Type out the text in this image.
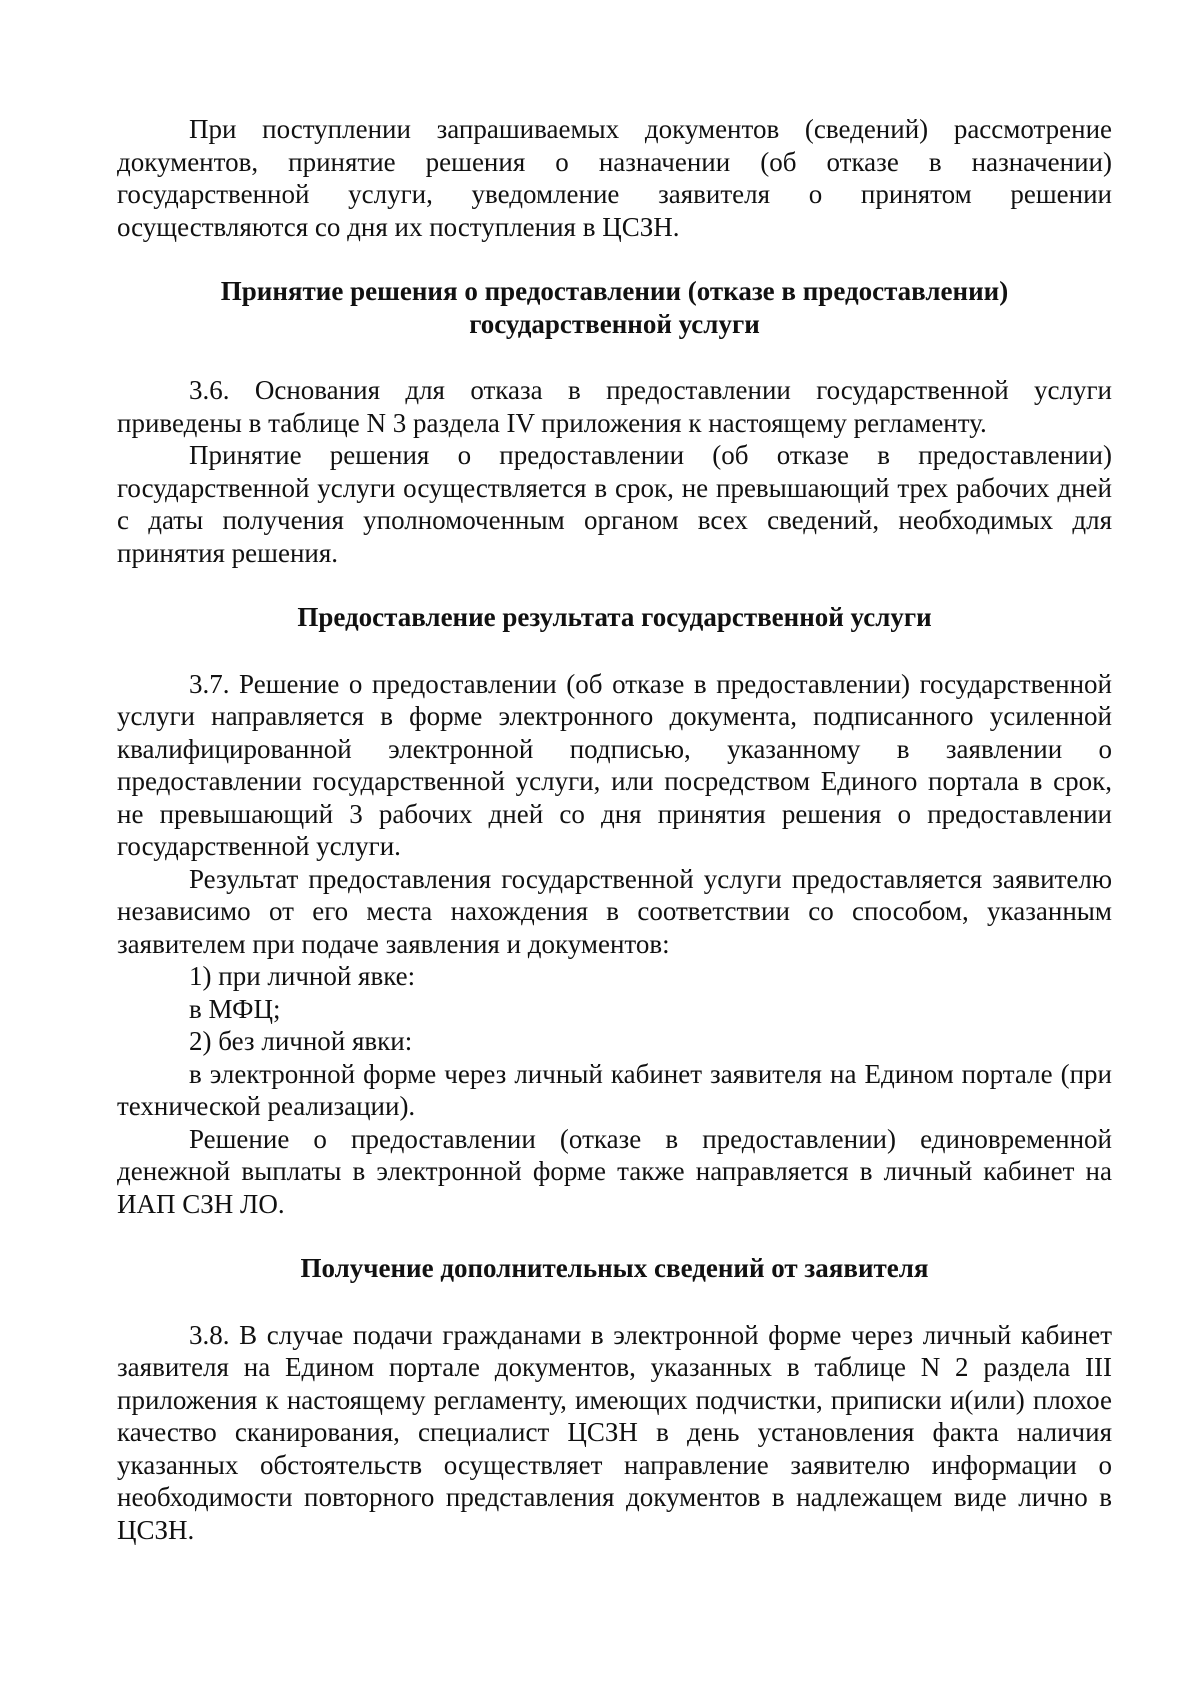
При поступлении запрашиваемых документов (сведений) рассмотрение документов, принятие решения о назначении (об отказе в назначении) государственной услуги, уведомление заявителя о принятом решении осуществляются со дня их поступления в ЦСЗН.

Принятие решения о предоставлении (отказе в предоставлении)

государственной услуги

3.6. Основания для отказа в предоставлении государственной услуги приведены в таблице N 3 раздела IV приложения к настоящему регламенту.

Принятие решения о предоставлении (об отказе в предоставлении) государственной услуги осуществляется в срок, не превышающий трех рабочих дней с даты получения уполномоченным органом всех сведений, необходимых для принятия решения.

Предоставление результата государственной услуги

3.7. Решение о предоставлении (об отказе в предоставлении) государственной услуги направляется в форме электронного документа, подписанного усиленной квалифицированной электронной подписью, указанному в заявлении о предоставлении государственной услуги, или посредством Единого портала в срок, не превышающий 3 рабочих дней со дня принятия решения о предоставлении государственной услуги.

Результат предоставления государственной услуги предоставляется заявителю независимо от его места нахождения в соответствии со способом, указанным заявителем при подаче заявления и документов:

1) при личной явке:

в МФЦ;

2) без личной явки:

в электронной форме через личный кабинет заявителя на Едином портале (при технической реализации).

Решение о предоставлении (отказе в предоставлении) единовременной денежной выплаты в электронной форме также направляется в личный кабинет на ИАП СЗН ЛО.

Получение дополнительных сведений от заявителя

3.8. В случае подачи гражданами в электронной форме через личный кабинет заявителя на Едином портале документов, указанных в таблице N 2 раздела III приложения к настоящему регламенту, имеющих подчистки, приписки и(или) плохое качество сканирования, специалист ЦСЗН в день установления факта наличия указанных обстоятельств осуществляет направление заявителю информации о необходимости повторного представления документов в надлежащем виде лично в ЦСЗН.
